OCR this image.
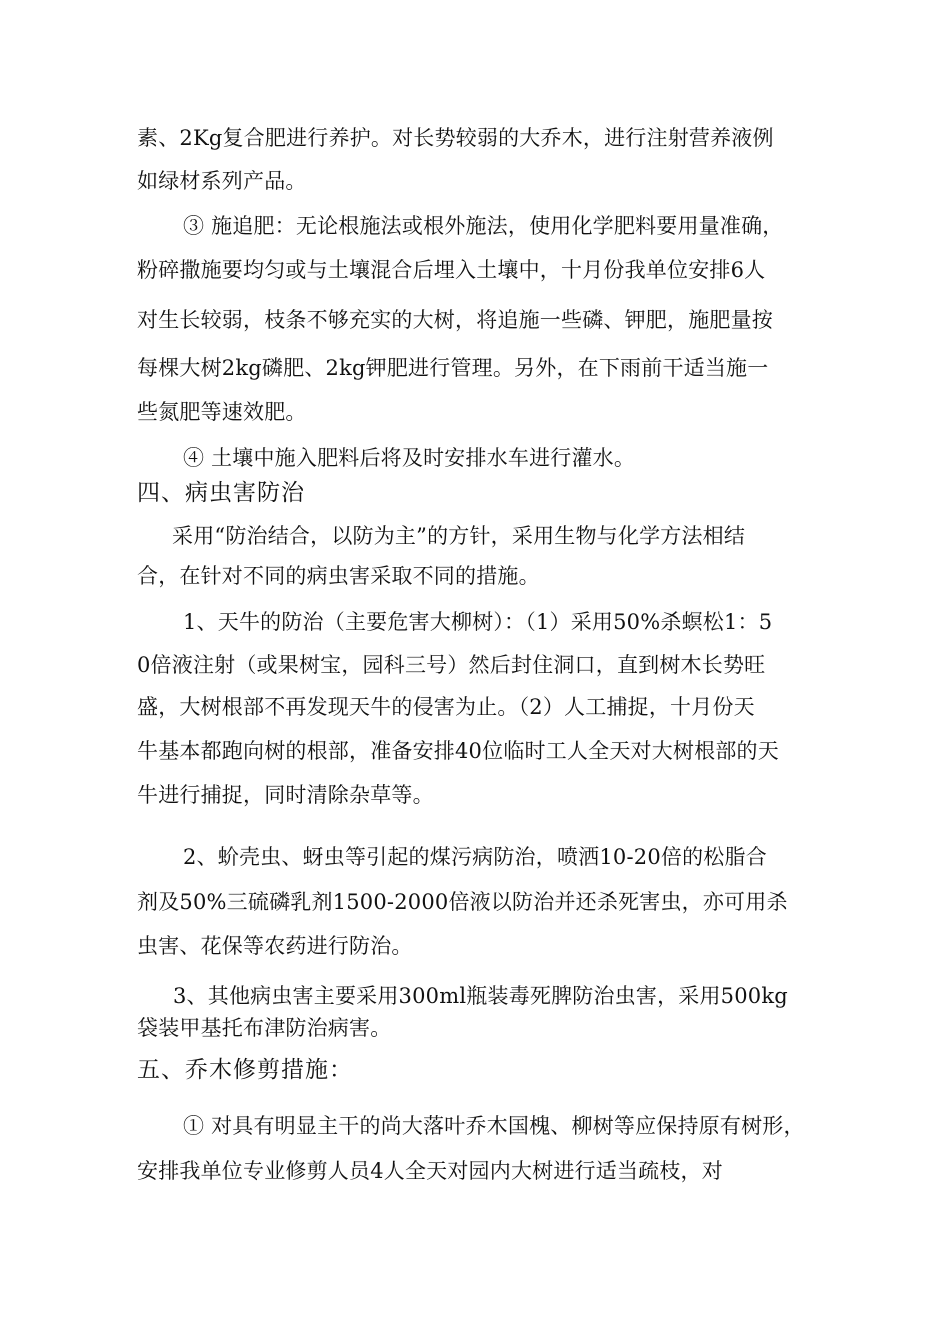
素、2Kg复合肥进行养护。对长势较弱的大乔木，进行注射营养液例
如绿材系列产品。
③ 施追肥：无论根施法或根外施法，使用化学肥料要用量准确，
粉碎撒施要均匀或与土壤混合后埋入土壤中，十月份我单位安排6人
对生长较弱，枝条不够充实的大树，将追施一些磷、钾肥，施肥量按
每棵大树2kg磷肥、2kg钾肥进行管理。另外，在下雨前干适当施一
些氮肥等速效肥。
④ 土壤中施入肥料后将及时安排水车进行灌水。
四、病虫害防治
采用“防治结合，以防为主”的方针，采用生物与化学方法相结
合，在针对不同的病虫害采取不同的措施。
1、天牛的防治（主要危害大柳树）：（1）采用50%杀螟松1：5
0倍液注射（或果树宝，园科三号）然后封住洞口，直到树木长势旺
盛，大树根部不再发现天牛的侵害为止。（2）人工捕捉，十月份天
牛基本都跑向树的根部，准备安排40位临时工人全天对大树根部的天
牛进行捕捉，同时清除杂草等。
2、蚧壳虫、蚜虫等引起的煤污病防治，喷洒10-20倍的松脂合
剂及50%三硫磷乳剂1500-2000倍液以防治并还杀死害虫，亦可用杀
虫害、花保等农药进行防治。
3、其他病虫害主要采用300ml瓶装毒死脾防治虫害，采用500kg
袋装甲基托布津防治病害。
五、乔木修剪措施：
① 对具有明显主干的尚大落叶乔木国槐、柳树等应保持原有树形，
安排我单位专业修剪人员4人全天对园内大树进行适当疏枝，对
